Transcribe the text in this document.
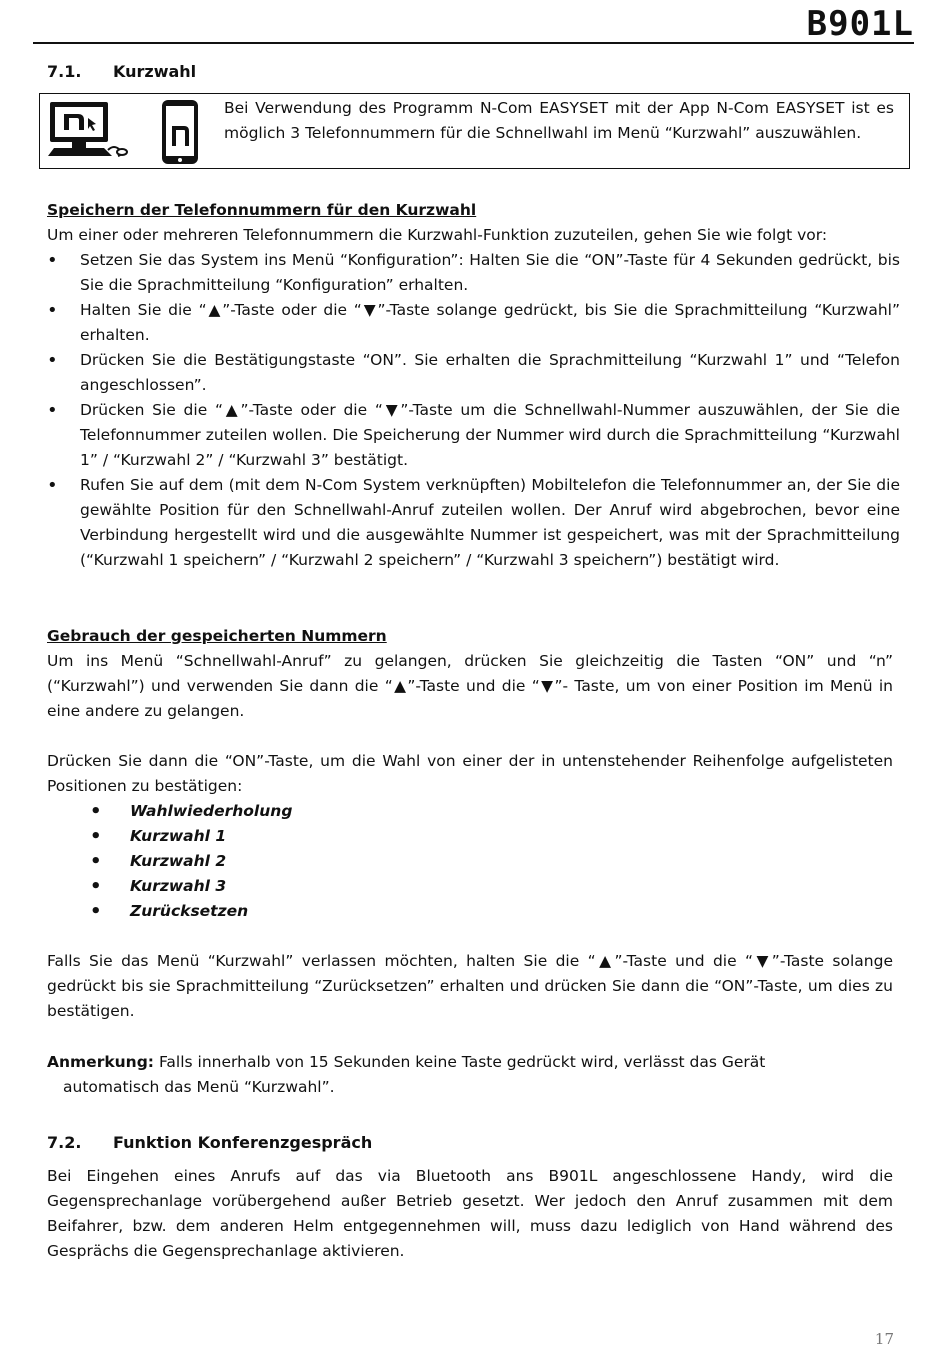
B901L
7.1. Kurzwahl
Bei Verwendung des Programm N-Com EASYSET mit der App N-Com EASYSET ist es möglich 3 Telefonnummern für die Schnellwahl im Menü “Kurzwahl” auszuwählen.
Speichern der Telefonnummern für den Kurzwahl
Um einer oder mehreren Telefonnummern die Kurzwahl-Funktion zuzuteilen, gehen Sie wie folgt vor:
• Setzen Sie das System ins Menü “Konfiguration”: Halten Sie die “ON”-Taste für 4 Sekunden gedrückt, bis Sie die Sprachmitteilung “Konfiguration” erhalten.
• Halten Sie die “▲”-Taste oder die “▼”-Taste solange gedrückt, bis Sie die Sprachmitteilung “Kurzwahl” erhalten.
• Drücken Sie die Bestätigungstaste “ON”. Sie erhalten die Sprachmitteilung “Kurzwahl 1” und “Telefon angeschlossen”.
• Drücken Sie die “▲”-Taste oder die “▼”-Taste um die Schnellwahl-Nummer auszuwählen, der Sie die Telefonnummer zuteilen wollen. Die Speicherung der Nummer wird durch die Sprachmitteilung “Kurzwahl 1” / “Kurzwahl 2” / “Kurzwahl 3” bestätigt.
• Rufen Sie auf dem (mit dem N-Com System verknüpften) Mobiltelefon die Telefonnummer an, der Sie die gewählte Position für den Schnellwahl-Anruf zuteilen wollen. Der Anruf wird abgebrochen, bevor eine Verbindung hergestellt wird und die ausgewählte Nummer ist gespeichert, was mit der Sprachmitteilung (“Kurzwahl 1 speichern” / “Kurzwahl 2 speichern” / “Kurzwahl 3 speichern”) bestätigt wird.
Gebrauch der gespeicherten Nummern
Um ins Menü “Schnellwahl-Anruf” zu gelangen, drücken Sie gleichzeitig die Tasten “ON” und “n” (“Kurzwahl”) und verwenden Sie dann die “▲”-Taste und die “▼”- Taste, um von einer Position im Menü in eine andere zu gelangen.
Drücken Sie dann die “ON”-Taste, um die Wahl von einer der in untenstehender Reihenfolge aufgelisteten Positionen zu bestätigen:
• Wahlwiederholung
• Kurzwahl 1
• Kurzwahl 2
• Kurzwahl 3
• Zurücksetzen
Falls Sie das Menü “Kurzwahl” verlassen möchten, halten Sie die “▲”-Taste und die “▼”-Taste solange gedrückt bis sie Sprachmitteilung “Zurücksetzen” erhalten und drücken Sie dann die “ON”-Taste, um dies zu bestätigen.
Anmerkung: Falls innerhalb von 15 Sekunden keine Taste gedrückt wird, verlässt das Gerät
automatisch das Menü “Kurzwahl”.
7.2. Funktion Konferenzgespräch
Bei Eingehen eines Anrufs auf das via Bluetooth ans B901L angeschlossene Handy, wird die Gegensprechanlage vorübergehend außer Betrieb gesetzt. Wer jedoch den Anruf zusammen mit dem Beifahrer, bzw. dem anderen Helm entgegennehmen will, muss dazu lediglich von Hand während des Gesprächs die Gegensprechanlage aktivieren.
17
